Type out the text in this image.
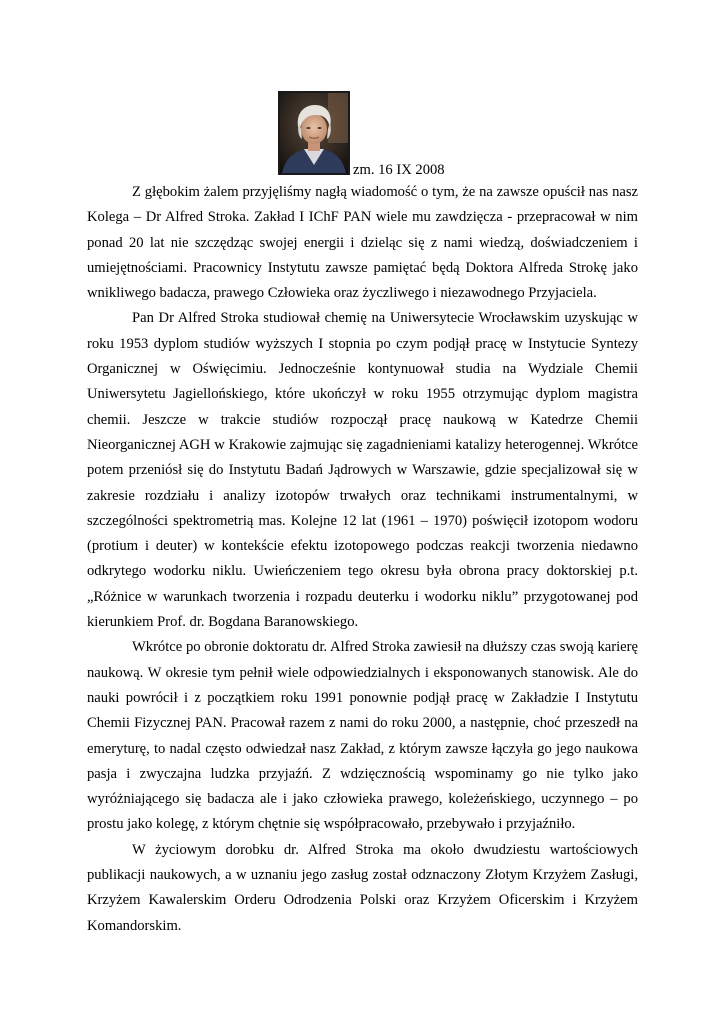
zm. 16 IX 2008

Z głębokim żalem przyjęliśmy nagłą wiadomość o tym, że na zawsze opuścił nas nasz Kolega – Dr Alfred Stroka. Zakład I IChF PAN wiele mu zawdzięcza - przepracował w nim ponad 20 lat nie szczędząc swojej energii i dzieląc się z nami wiedzą, doświadczeniem i umiejętnościami. Pracownicy Instytutu zawsze pamiętać będą Doktora Alfreda Strokę jako wnikliwego badacza, prawego Człowieka oraz życzliwego i niezawodnego Przyjaciela.

Pan Dr Alfred Stroka studiował chemię na Uniwersytecie Wrocławskim uzyskując w roku 1953 dyplom studiów wyższych I stopnia po czym podjął pracę w Instytucie Syntezy Organicznej w Oświęcimiu. Jednocześnie kontynuował studia na Wydziale Chemii Uniwersytetu Jagiellońskiego, które ukończył w roku 1955 otrzymując dyplom magistra chemii. Jeszcze w trakcie studiów rozpoczął pracę naukową w Katedrze Chemii Nieorganicznej AGH w Krakowie zajmując się zagadnieniami katalizy heterogennej. Wkrótce potem przeniósł się do Instytutu Badań Jądrowych w Warszawie, gdzie specjalizował się w zakresie rozdziału i analizy izotopów trwałych oraz technikami instrumentalnymi, w szczególności spektrometrią mas. Kolejne 12 lat (1961 – 1970) poświęcił izotopom wodoru (protium i deuter) w kontekście efektu izotopowego podczas reakcji tworzenia niedawno odkrytego wodorku niklu. Uwieńczeniem tego okresu była obrona pracy doktorskiej p.t. „Różnice w warunkach tworzenia i rozpadu deuterku i wodorku niklu” przygotowanej pod kierunkiem Prof. dr. Bogdana Baranowskiego.

Wkrótce po obronie doktoratu dr. Alfred Stroka zawiesił na dłuższy czas swoją karierę naukową. W okresie tym pełnił wiele odpowiedzialnych i eksponowanych stanowisk. Ale do nauki powrócił i z początkiem roku 1991 ponownie podjął pracę w Zakładzie I Instytutu Chemii Fizycznej PAN. Pracował razem z nami do roku 2000, a następnie, choć przeszedł na emeryturę, to nadal często odwiedzał nasz Zakład, z którym zawsze łączyła go jego naukowa pasja i zwyczajna ludzka przyjaźń. Z wdzięcznością wspominamy go nie tylko jako wyróżniającego się badacza ale i jako człowieka prawego, koleżeńskiego, uczynnego – po prostu jako kolegę, z którym chętnie się współpracowało, przebywało i przyjaźniło.

W życiowym dorobku dr. Alfred Stroka ma około dwudziestu wartościowych publikacji naukowych, a w uznaniu jego zasług został odznaczony Złotym Krzyżem Zasługi, Krzyżem Kawalerskim Orderu Odrodzenia Polski oraz Krzyżem Oficerskim i Krzyżem Komandorskim.
